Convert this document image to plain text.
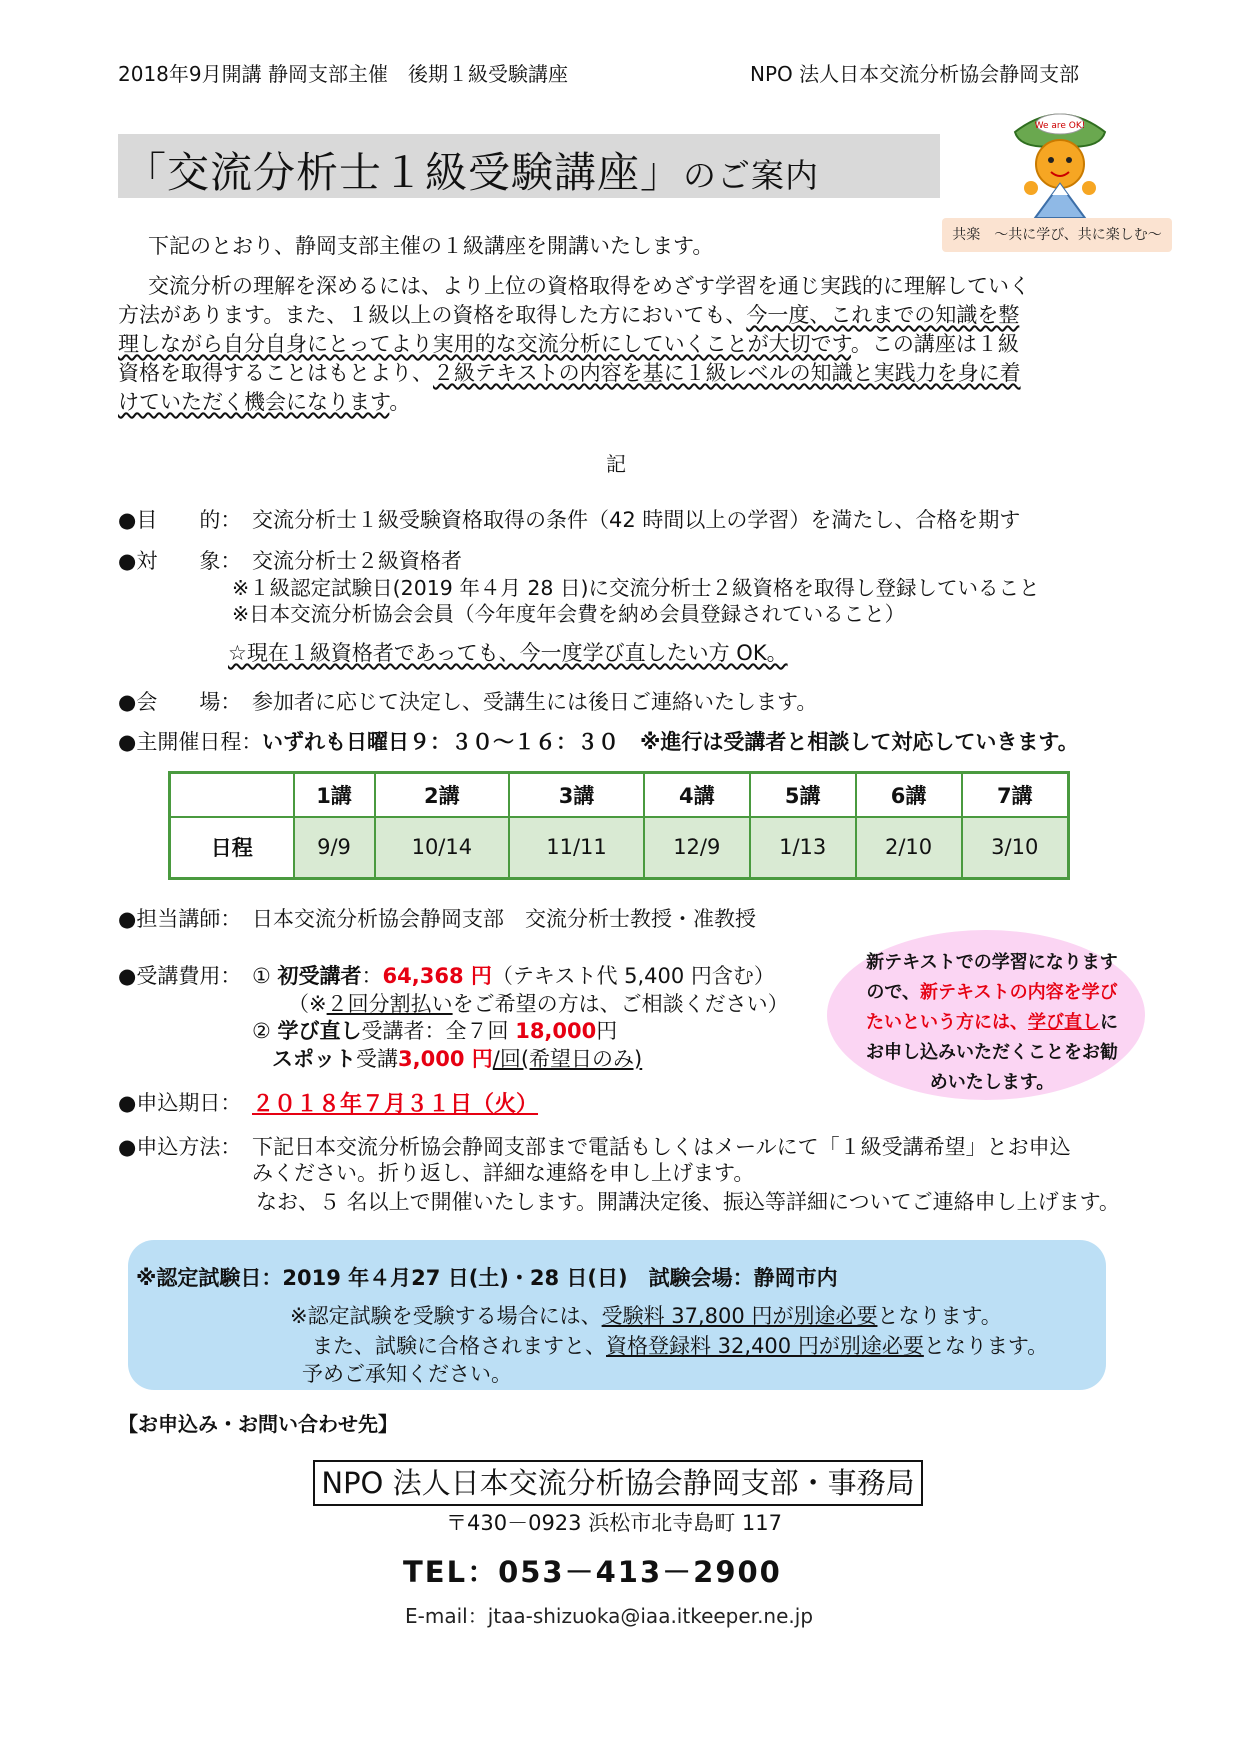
2018年9月開講 静岡支部主催　後期１級受験講座	NPO 法人日本交流分析協会静岡支部
「交流分析士１級受験講座」のご案内
We are OK!
共楽　～共に学び、共に楽しむ～
下記のとおり、静岡支部主催の１級講座を開講いたします。
交流分析の理解を深めるには、より上位の資格取得をめざす学習を通じ実践的に理解していく
方法があります。また、１級以上の資格を取得した方においても、今一度、これまでの知識を整
理しながら自分自身にとってより実用的な交流分析にしていくことが大切です。この講座は１級
資格を取得することはもとより、２級テキストの内容を基に１級レベルの知識と実践力を身に着
けていただく機会になります。
記
●目　　的： 交流分析士１級受験資格取得の条件（42 時間以上の学習）を満たし、合格を期す
●対　　象： 交流分析士２級資格者
※１級認定試験日(2019 年４月 28 日)に交流分析士２級資格を取得し登録していること
※日本交流分析協会会員（今年度年会費を納め会員登録されていること）
☆現在１級資格者であっても、今一度学び直したい方 OK。
●会　　場： 参加者に応じて決定し、受講生には後日ご連絡いたします。
●主開催日程： いずれも日曜日９：３０～１６：３０　※進行は受講者と相談して対応していきます。
	1講	2講	3講	4講	5講	6講	7講
日程	9/9	10/14	11/11	12/9	1/13	2/10	3/10
●担当講師： 日本交流分析協会静岡支部　交流分析士教授・准教授
●受講費用： ① 初受講者：64,368 円（テキスト代 5,400 円含む）
（※２回分割払いをご希望の方は、ご相談ください）
② 学び直し受講者：全７回 18,000円
スポット受講3,000 円/回(希望日のみ)
新テキストでの学習になります
ので、新テキストの内容を学び
たいという方には、学び直しに
お申し込みいただくことをお勧
めいたします。
●申込期日： ２０１８年７月３１日（火）
●申込方法： 下記日本交流分析協会静岡支部まで電話もしくはメールにて「１級受講希望」とお申込
みください。折り返し、詳細な連絡を申し上げます。
なお、５ 名以上で開催いたします。開講決定後、振込等詳細についてご連絡申し上げます。
※認定試験日：2019 年４月27 日(土)・28 日(日)　試験会場：静岡市内
※認定試験を受験する場合には、受験料 37,800 円が別途必要となります。
また、試験に合格されますと、資格登録料 32,400 円が別途必要となります。
予めご承知ください。
【お申込み・お問い合わせ先】
NPO 法人日本交流分析協会静岡支部・事務局
〒430－0923 浜松市北寺島町 117
TEL：053－413－2900
E-mail：jtaa-shizuoka@iaa.itkeeper.ne.jp
